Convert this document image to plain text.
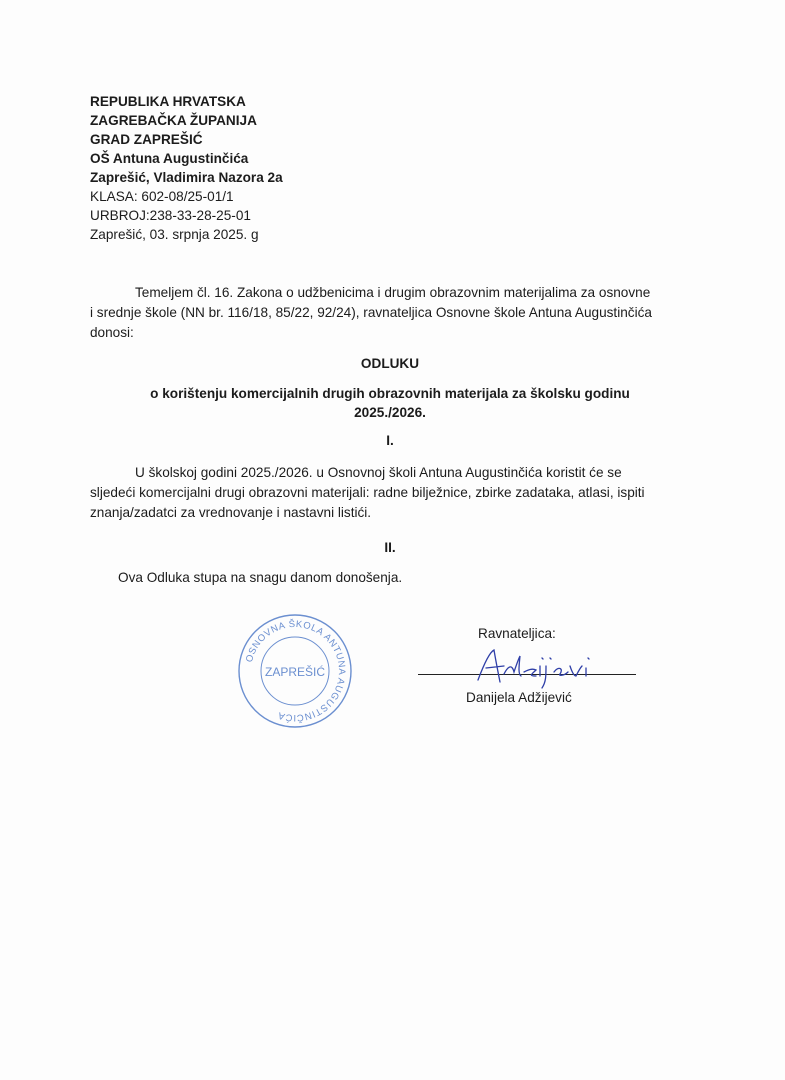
REPUBLIKA HRVATSKA
ZAGREBAČKA ŽUPANIJA
GRAD ZAPREŠIĆ
OŠ Antuna Augustinčića
Zaprešić, Vladimira Nazora 2a
KLASA: 602-08/25-01/1
URBROJ:238-33-28-25-01
Zaprešić, 03. srpnja 2025. g
Temeljem čl. 16. Zakona o udžbenicima i drugim obrazovnim materijalima za osnovne
i srednje škole (NN br. 116/18, 85/22, 92/24), ravnateljica Osnovne škole Antuna Augustinčića
donosi:
ODLUKU
o korištenju komercijalnih drugih obrazovnih materijala za školsku godinu
2025./2026.
I.
U školskoj godini 2025./2026. u Osnovnoj školi Antuna Augustinčića koristit će se
sljedeći komercijalni drugi obrazovni materijali: radne bilježnice, zbirke zadataka, atlasi, ispiti
znanja/zadatci za vrednovanje i nastavni listići.
II.
Ova Odluka stupa na snagu danom donošenja.
OSNOVNA ŠKOLA ANTUNA AUGUSTINČIĆA
ZAPREŠIĆ
Ravnateljica:
Danijela Adžijević
